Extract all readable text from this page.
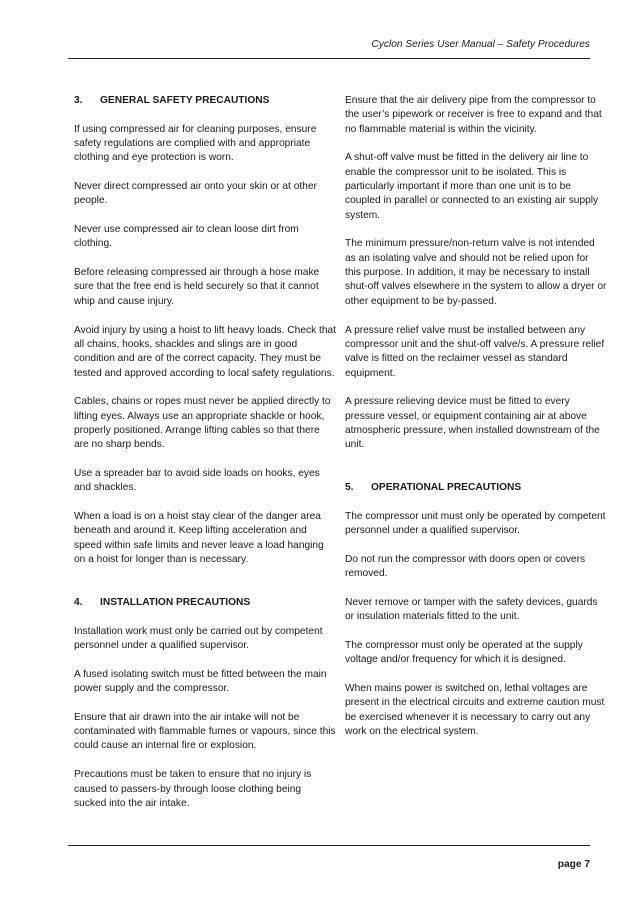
Cyclon Series User Manual – Safety Procedures
3. GENERAL SAFETY PRECAUTIONS

If using compressed air for cleaning purposes, ensure safety regulations are complied with and appropriate clothing and eye protection is worn.

Never direct compressed air onto your skin or at other people.

Never use compressed air to clean loose dirt from clothing.

Before releasing compressed air through a hose make sure that the free end is held securely so that it cannot whip and cause injury.

Avoid injury by using a hoist to lift heavy loads. Check that all chains, hooks, shackles and slings are in good condition and are of the correct capacity. They must be tested and approved according to local safety regulations.

Cables, chains or ropes must never be applied directly to lifting eyes. Always use an appropriate shackle or hook, properly positioned. Arrange lifting cables so that there are no sharp bends.

Use a spreader bar to avoid side loads on hooks, eyes and shackles.

When a load is on a hoist stay clear of the danger area beneath and around it. Keep lifting acceleration and speed within safe limits and never leave a load hanging on a hoist for longer than is necessary.

4. INSTALLATION PRECAUTIONS

Installation work must only be carried out by competent personnel under a qualified supervisor.

A fused isolating switch must be fitted between the main power supply and the compressor.

Ensure that air drawn into the air intake will not be contaminated with flammable fumes or vapours, since this could cause an internal fire or explosion.

Precautions must be taken to ensure that no injury is caused to passers-by through loose clothing being sucked into the air intake.

Ensure that the air delivery pipe from the compressor to the user’s pipework or receiver is free to expand and that no flammable material is within the vicinity.

A shut-off valve must be fitted in the delivery air line to enable the compressor unit to be isolated. This is particularly important if more than one unit is to be coupled in parallel or connected to an existing air supply system.

The minimum pressure/non-return valve is not intended as an isolating valve and should not be relied upon for this purpose. In addition, it may be necessary to install shut-off valves elsewhere in the system to allow a dryer or other equipment to be by-passed.

A pressure relief valve must be installed between any compressor unit and the shut-off valve/s. A pressure relief valve is fitted on the reclaimer vessel as standard equipment.

A pressure relieving device must be fitted to every pressure vessel, or equipment containing air at above atmospheric pressure, when installed downstream of the unit.

5. OPERATIONAL PRECAUTIONS

The compressor unit must only be operated by competent personnel under a qualified supervisor.

Do not run the compressor with doors open or covers removed.

Never remove or tamper with the safety devices, guards or insulation materials fitted to the unit.

The compressor must only be operated at the supply voltage and/or frequency for which it is designed.

When mains power is switched on, lethal voltages are present in the electrical circuits and extreme caution must be exercised whenever it is necessary to carry out any work on the electrical system.

page 7
